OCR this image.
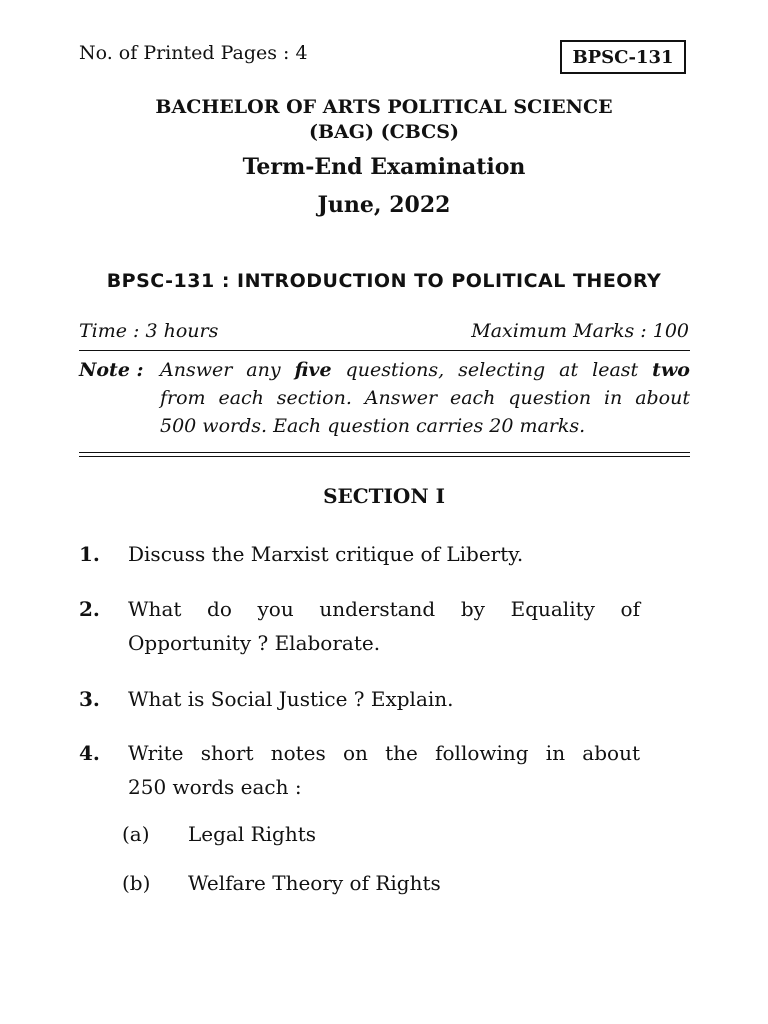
No. of Printed Pages : 4	BPSC-131
BACHELOR OF ARTS POLITICAL SCIENCE
(BAG) (CBCS)
Term-End Examination
June, 2022
BPSC-131 : INTRODUCTION TO POLITICAL THEORY
Time : 3 hours	Maximum Marks : 100
Note : Answer any five questions, selecting at least two
from each section. Answer each question in about
500 words. Each question carries 20 marks.
SECTION I
1. Discuss the Marxist critique of Liberty.
2. What do you understand by Equality of
Opportunity ? Elaborate.
3. What is Social Justice ? Explain.
4. Write short notes on the following in about
250 words each :
(a) Legal Rights
(b) Welfare Theory of Rights
